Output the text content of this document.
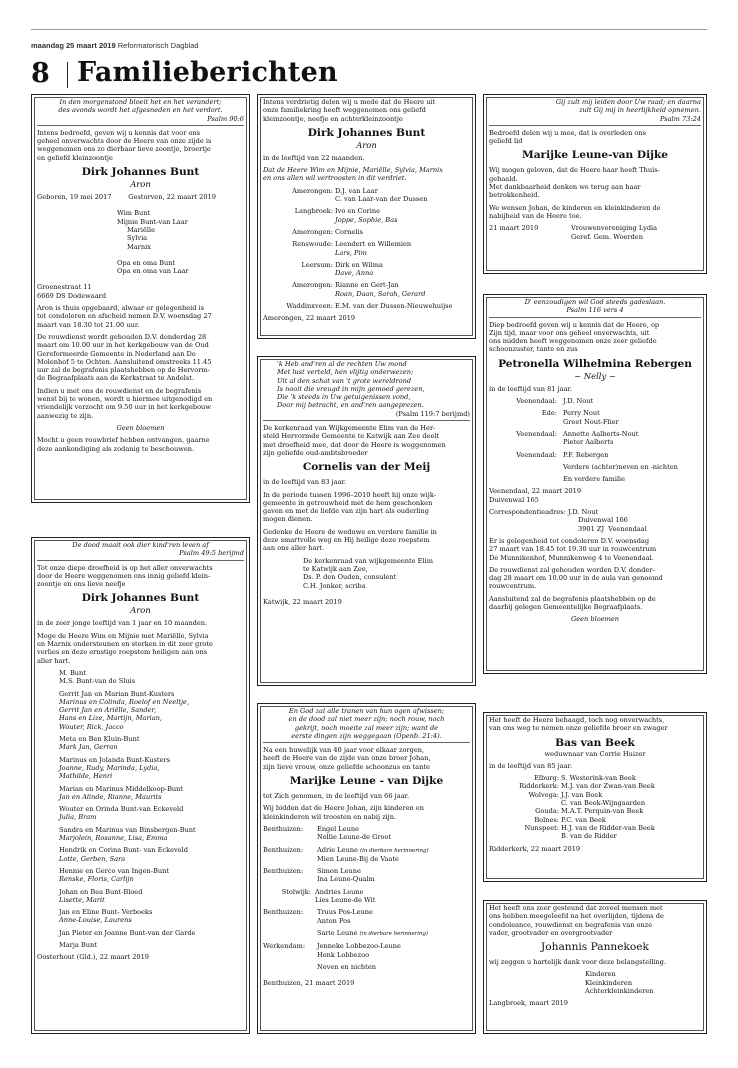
maandag 25 maart 2019 Reformatorisch Dagblad
8 Familieberichten
In den morgenstond bloeit het en het verandert;
des avonds wordt het afgesneden en het verdort.
Psalm 90:6
Intens bedroefd, geven wij u kennis dat voor ons
geheel onverwachts door de Heere van onze zijde is
weggenomen ons zo dierbaar lieve zoontje, broertje
en geliefd kleinzoontje
Dirk Johannes Bunt
Aron
Geboren, 19 mei 2017        Gestorven, 22 maart 2019
Wim Bunt
Mijnie Bunt-van Laar
Mariëlle
Sylvia
Marnix
Opa en oma Bunt
Opa en oma van Laar
Groenestraat 11
6669 DS Dodewaard
Aron is thuis opgebaard, alwaar er gelegenheid is
tot condoleren en afscheid nemen D.V. woensdag 27
maart van 18.30 tot 21.00 uur.
De rouwdienst wordt gehouden D.V. donderdag 28
maart om 10.00 uur in het kerkgebouw van de Oud
Gereformeerde Gemeente in Nederland aan De
Molenhof 5 te Ochten. Aansluitend omstreeks 11.45
uur zal de begrafenis plaatshebben op de Hervorm-
de Begraafplaats aan de Kerkstraat te Andelst.
Indien u met ons de rouwdienst en de begrafenis
wenst bij te wonen, wordt u hiermee uitgenodigd en
vriendelijk verzocht om 9.50 uur in het kerkgebouw
aanwezig te zijn.
Geen bloemen
Mocht u geen rouwbrief hebben ontvangen, gaarne
deze aankondiging als zodanig te beschouwen.
De dood maait ook dier kind'ren leven af
Psalm 49:5 berijmd
Tot onze diepe droefheid is op het aller onverwachts
door de Heere weggenomen ons innig geliefd klein-
zoontje en ons lieve neefje
Dirk Johannes Bunt
Aron
in de zeer jonge leeftijd van 1 jaar en 10 maanden.
Moge de Heere Wim en Mijnie met Mariëlle, Sylvia
en Marnix ondersteunen en sterken in dit zeer grote
verlies en deze ernstige roepstem heiligen aan ons
aller hart.
M. Bunt
M.S. Bunt-van de Sluis
Gerrit Jan en Marian Bunt-Kusters
Marinus en Colinda, Roelof en Neeltje,
Gerrit Jan en Ariëlle, Sander,
Hans en Lize, Martijn, Marian,
Wouter, Rick, Jacco
Meta en Ben Kluin-Bunt
Mark Jan, Gerran
Marinus en Jolanda Bunt-Kusters
Joanne, Rudy, Marinda, Lydia,
Mathilde, Henri
Marian en Marinus Middelkoop-Bunt
Jan en Alinde, Rianne, Maurits
Wouter en Orinda Bunt-van Eckeveld
Julia, Bram
Sandra en Marinus van Binsbergen-Bunt
Marjolein, Rosanne, Lisa, Emma
Hendrik en Corina Bunt- van Eckeveld
Lotte, Gerben, Sara
Hennie en Gerco van Ingen-Bunt
Renske, Floris, Carlijn
Johan en Bea Bunt-Bloed
Lisette, Marit
Jan en Eline Bunt- Verboeks
Anne-Louise, Laurens
Jan Pieter en Joanne Bunt-van der Garde
Marja Bunt
Oosterhout (Gld.), 22 maart 2019
Intens verdrietig delen wij u mede dat de Heere uit
onze familiekring heeft weggenomen ons geliefd
kleinzoontje, neefje en achterkleinzoontje
Dirk Johannes Bunt
Aron
in de leeftijd van 22 maanden.
Dat de Heere Wim en Mijnie, Mariëlle, Sylvia, Marnix
en ons allen wil vertroosten in dit verdriet.
Amerongen: D.J. van Laar
C. van Laar-van der Dussen
Langbroek: Ivo en Corine
Joppe, Sophie, Bas
Amerongen: Cornelis
Renswoude: Leendert en Willemien
Lars, Pim
Leersum: Dirk en Wilma
Dave, Anna
Amerongen: Rianne en Gert-Jan
Roan, Daan, Sarah, Gerard
Waddinxveen: E.M. van der Dussen-Nieuwehuijse
Amerongen, 22 maart 2019
'k Heb and'ren al de rechten Uw mond
Met lust verteld, hen vlijtig onderwezen;
Uit al den schat van 't grote wereldrond
Is nooit die vreugd in mijn gemoed gerezen,
Die 'k steeds in Uw getuigenissen vond,
Door mij betracht, en and'ren aangeprezen.
(Psalm 119:7 berijmd)
De kerkenraad van Wijkgemeente Elim van de Her-
steld Hervormde Gemeente te Katwijk aan Zee deelt
met droefheid mee, dat door de Heere is weggenomen
zijn geliefde oud-ambtsbroeder
Cornelis van der Meij
in de leeftijd van 83 jaar.
In de periode tussen 1996–2010 heeft hij onze wijk-
gemeente in getrouwheid met de hem geschonken
gaven en met de liefde van zijn hart als ouderling
mogen dienen.
Gedenke de Heere de weduwe en verdere familie in
deze smartvolle weg en Hij heilige deze roepstem
aan ons aller hart.
De kerkenraad van wijkgemeente Elim
te Katwijk aan Zee,
Ds. P. den Ouden, consulent
C.H. Jonker, scriba
Katwijk, 22 maart 2019
En God zal alle tranen van hun ogen afwissen;
en de dood zal niet meer zijn; noch rouw, noch
gekrijt, noch moeite zal meer zijn; want de
eerste dingen zijn weggegaan (Openb. 21:4).
Na een huwelijk van 40 jaar voor elkaar zorgen,
heeft de Heere van de zijde van onze broer Johan,
zijn lieve vrouw, onze geliefde schoonzus en tante
Marijke Leune - van Dijke
tot Zich genomen, in de leeftijd van 66 jaar.
Wij bidden dat de Heere Johan, zijn kinderen en
kleinkinderen wil troosten en nabij zijn.
Benthuizen:	Engel Leune
Nellie Leune-de Groot
Benthuizen:	Adrie Leune (in dierbare herinnering)
Mien Leune-Bij de Vaate
Benthuizen:	Simon Leune
Ina Leune-Qualm
Stolwijk: Andries Leune
Lies Leune-de Wit
Benthuizen:	Truus Pos-Leune
Anton Pos
Sarie Leune (in dierbare herinnering)
Werkendam:	Jenneke Lobbezoo-Leune
Henk Lobbezoo
Neven en nichten
Benthuizen, 21 maart 2019
Gij zult mij leiden door Uw raad; en daarna
zult Gij mij in heerlijkheid opnemen.
Psalm 73:24
Bedroefd delen wij u mee, dat is overleden ons
geliefd lid
Marijke Leune-van Dijke
Wij mogen geloven, dat de Heere haar heeft Thuis-
gehaald.
Met dankbaarheid denken we terug aan haar
betrokkenheid.
We wensen Johan, de kinderen en kleinkinderen de
nabijheid van de Heere toe.
21 maart 2019	Vrouwenvereniging Lydia
Geref. Gem. Woerden
D' eenzoudigen wil God steeds gadeslaan.
Psalm 116 vers 4
Diep bedroefd geven wij u kennis dat de Heere, op
Zijn tijd, maar voor ons geheel onverwachts, uit
ons midden heeft weggenomen onze zeer geliefde
schoonzuster, tante en zus
Petronella Wilhelmina Rebergen
~ Nelly ~
in de leeftijd van 81 jaar.
Veenendaal: J.D. Nout
Ede: Perry Nout
Greet Nout-Flier
Veenendaal: Annette Aalberts-Nout
Pieter Aalberts
Veenendaal: P.F. Rebergen
Verdere (achter)neven en -nichten
En verdere familie
Veenendaal, 22 maart 2019
Duivenwal 165
Correspondentieadres: J.D. Nout
Duivenwal 166
3901 ZJ  Veenendaal
Er is gelegenheid tot condoleren D.V. woensdag
27 maart van 18.45 tot 19.30 uur in rouwcentrum
De Munnikenhof, Munnikenweg 4 te Veenendaal.
De rouwdienst zal gehouden worden D.V. donder-
dag 28 maart om 10.00 uur in de aula van genoemd
rouwcentrum.
Aansluitend zal de begrafenis plaatshebben op de
daarbij gelegen Gemeentelijke Begraafplaats.
Geen bloemen
Het heeft de Heere behaagd, toch nog onverwachts,
van ons weg te nemen onze geliefde broer en zwager
Bas van Beek
weduwnaar van Corrie Huizer
in de leeftijd van 85 jaar.
Elburg: S. Westerink-van Beek
Ridderkerk: M.J. van der Zwan-van Beek
Wolvega: J.J. van Beek
C. van Beek-Wijngaarden
Gouda: M.A.T. Perquin-van Beek
Bolnes: P.C. van Beek
Nunspeet: H.J. van de Ridder-van Beek
B. van de Ridder
Ridderkerk, 22 maart 2019
Het heeft ons zeer gesteund dat zoveel mensen met
ons hebben meegeleefd na het overlijden, tijdens de
condoleance, rouwdienst en begrafenis van onze
vader, grootvader en overgrootvader
Johannis Pannekoek
wij zeggen u hartelijk dank voor deze belangstelling.
Kinderen
Kleinkinderen
Achterkleinkinderen
Langbroek, maart 2019
